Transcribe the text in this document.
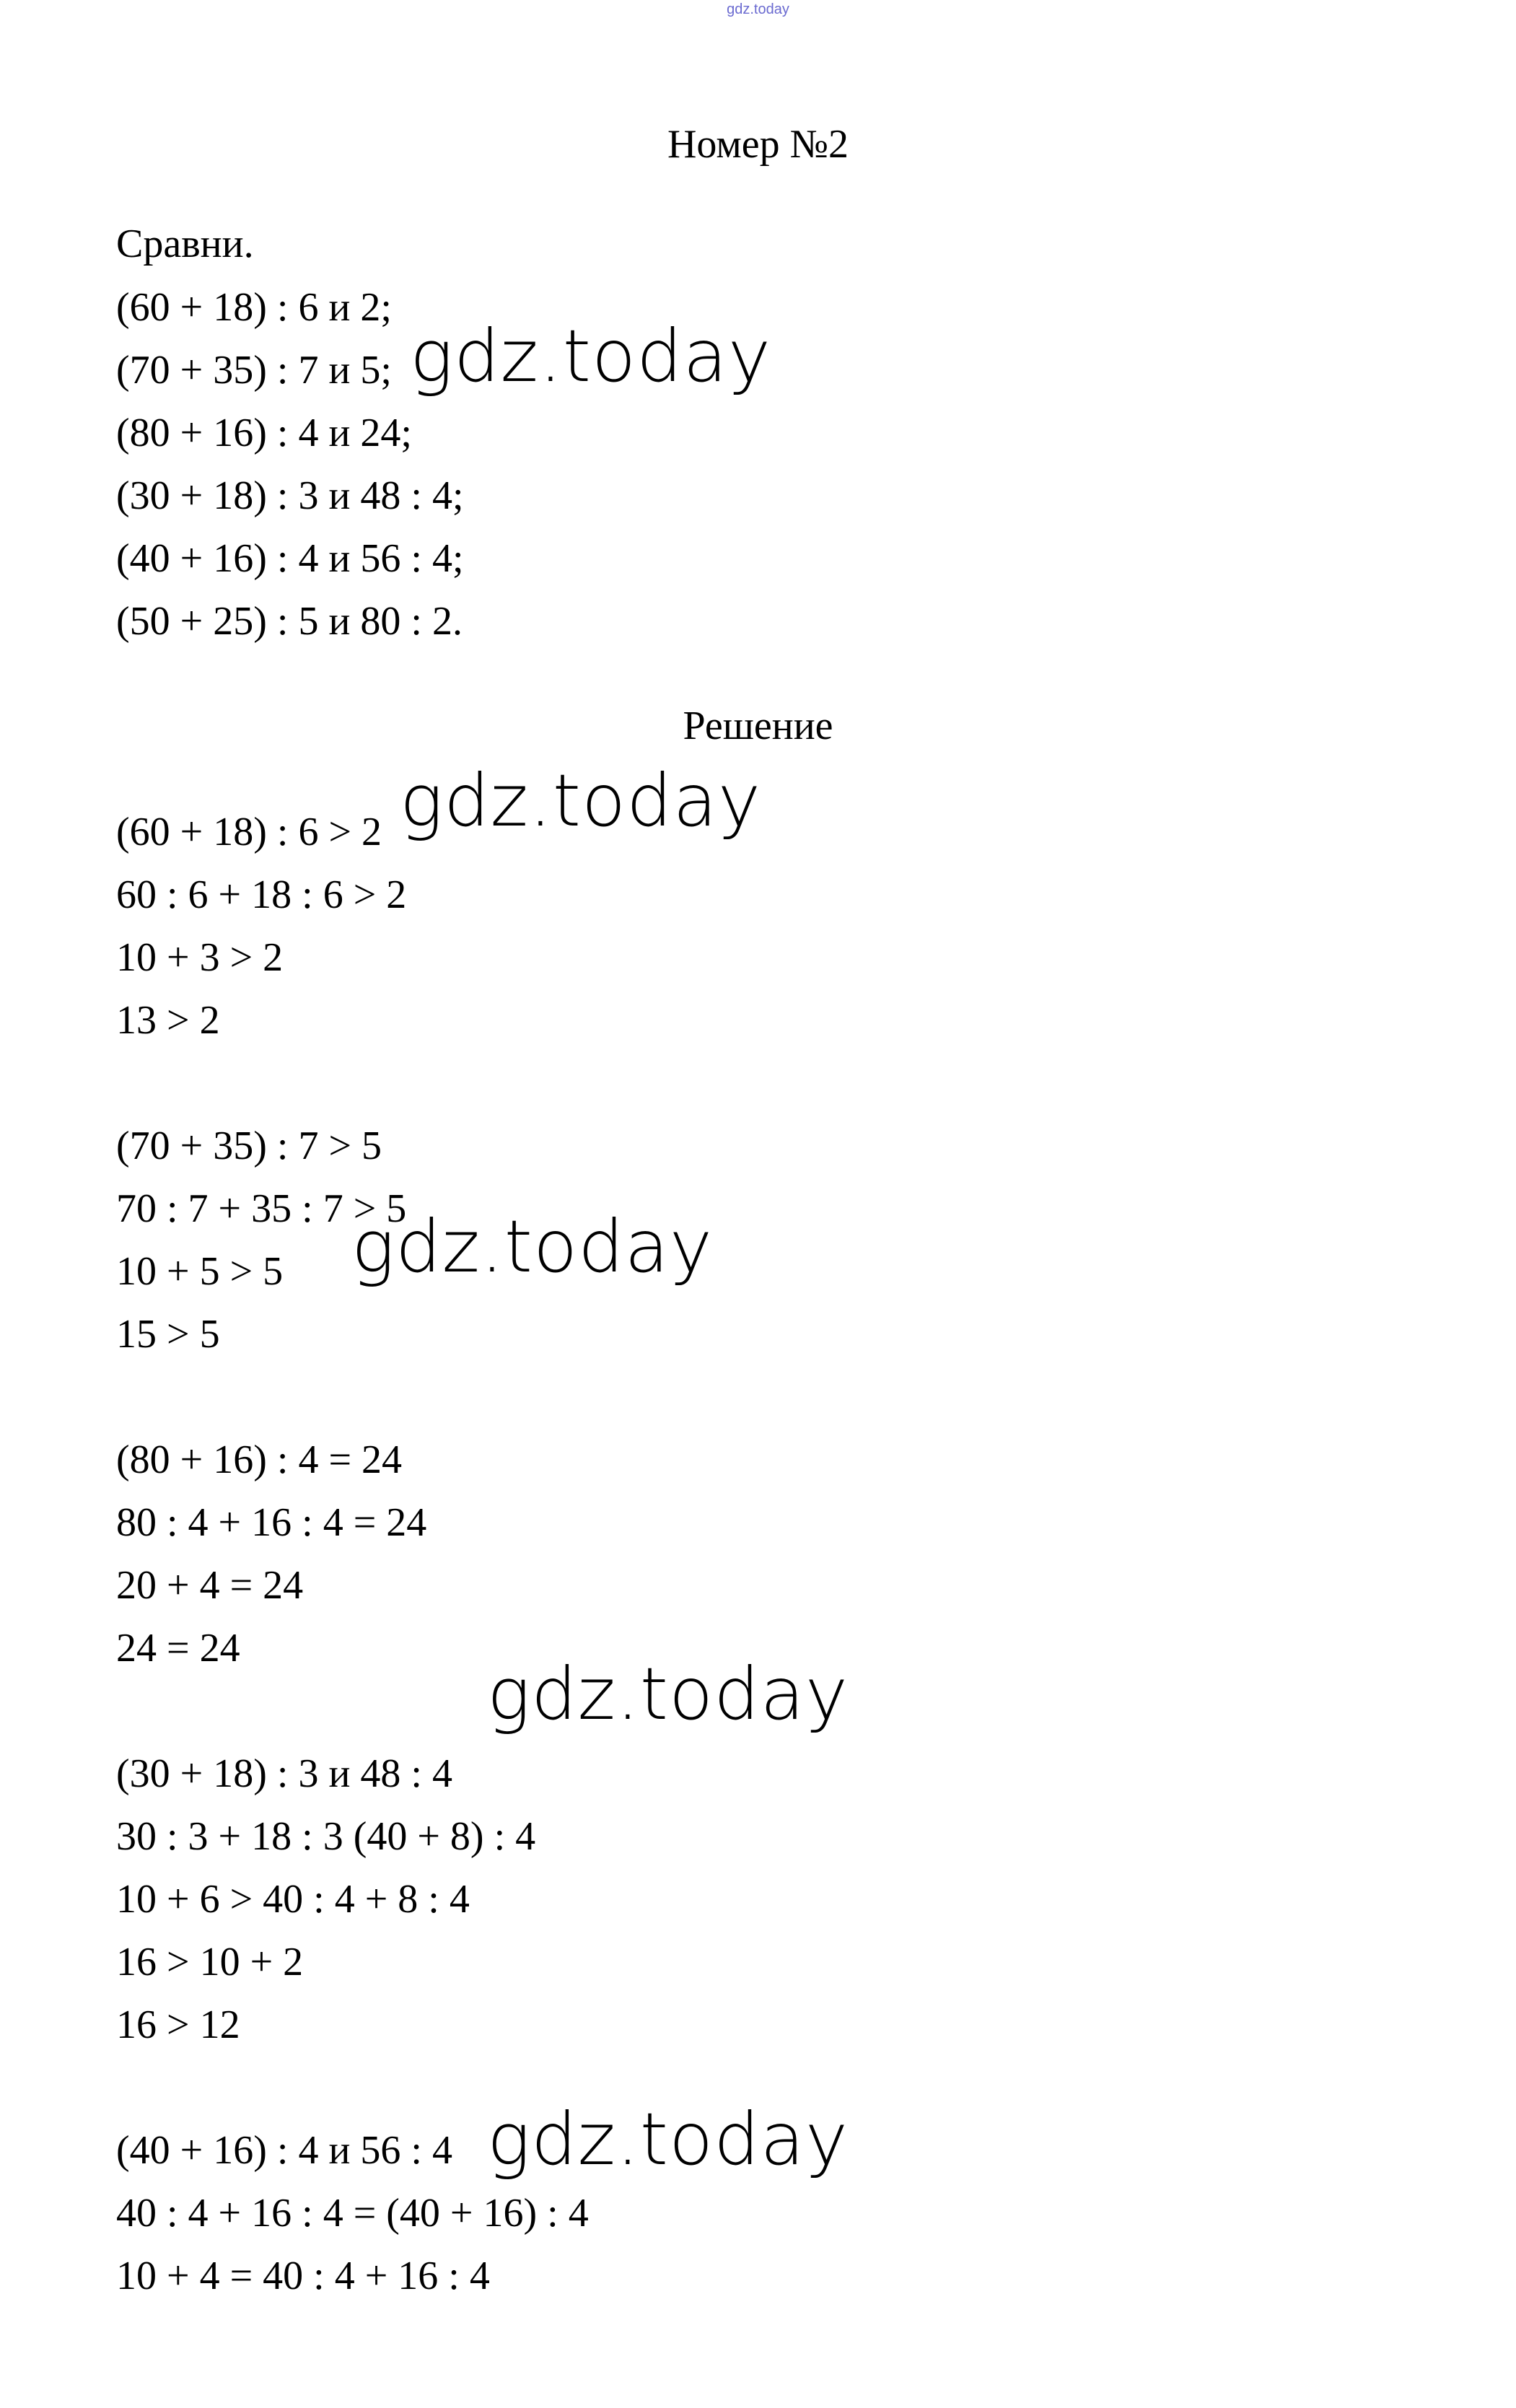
gdz.today
Номер №2
Сравни.
(60 + 18) : 6 и 2;
(70 + 35) : 7 и 5;
(80 + 16) : 4 и 24;
(30 + 18) : 3 и 48 : 4;
(40 + 16) : 4 и 56 : 4;
(50 + 25) : 5 и 80 : 2.
Решение
(60 + 18) : 6 > 2
60 : 6 + 18 : 6 > 2
10 + 3 > 2
13 > 2
(70 + 35) : 7 > 5
70 : 7 + 35 : 7 > 5
10 + 5 > 5
15 > 5
(80 + 16) : 4 = 24
80 : 4 + 16 : 4 = 24
20 + 4 = 24
24 = 24
(30 + 18) : 3 и 48 : 4
30 : 3 + 18 : 3 (40 + 8) : 4
10 + 6 > 40 : 4 + 8 : 4
16 > 10 + 2
16 > 12
(40 + 16) : 4 и 56 : 4
40 : 4 + 16 : 4 = (40 + 16) : 4
10 + 4 = 40 : 4 + 16 : 4
gdz.today
gdz.today
gdz.today
gdz.today
gdz.today
